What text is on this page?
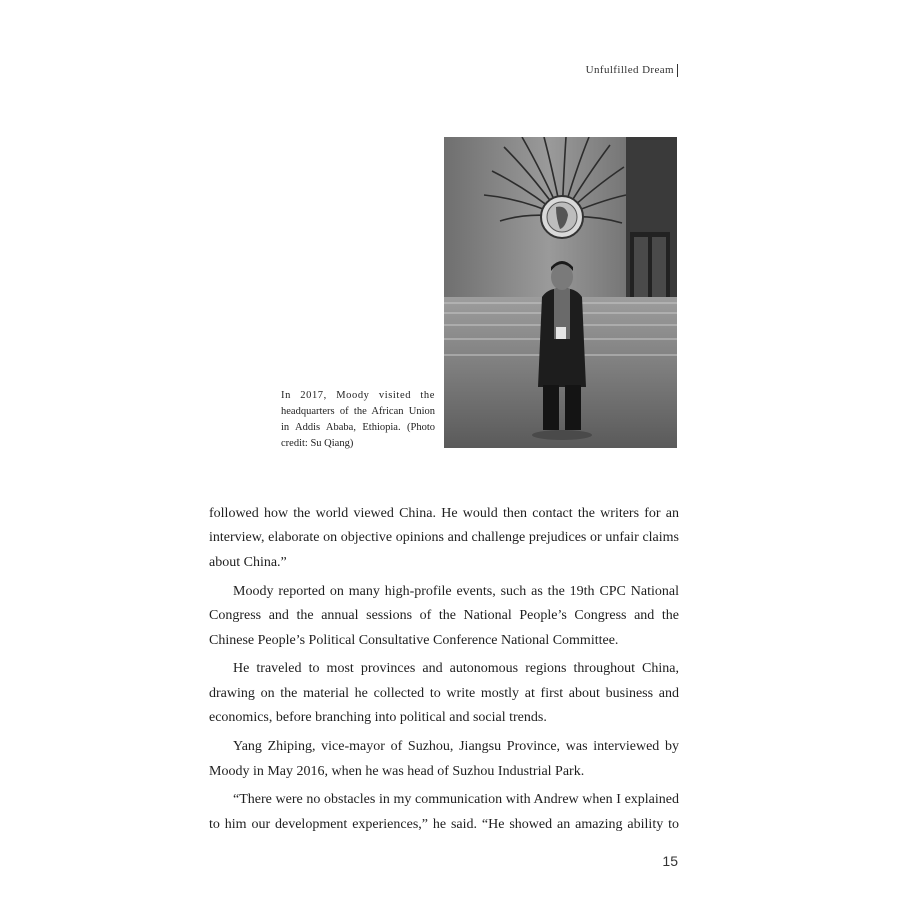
Unfulfilled Dream
In 2017, Moody visited the
headquarters of the African Union
in Addis Ababa, Ethiopia. (Photo
credit: Su Qiang)
followed how the world viewed China. He would then contact the writers for an
interview, elaborate on objective opinions and challenge prejudices or unfair claims
about China.”
Moody reported on many high-profile events, such as the 19th CPC National
Congress and the annual sessions of the National People’s Congress and the
Chinese People’s Political Consultative Conference National Committee.
He traveled to most provinces and autonomous regions throughout China,
drawing on the material he collected to write mostly at first about business and
economics, before branching into political and social trends.
Yang Zhiping, vice-mayor of Suzhou, Jiangsu Province, was interviewed by
Moody in May 2016, when he was head of Suzhou Industrial Park.
“There were no obstacles in my communication with Andrew when I explained
to him our development experiences,” he said. “He showed an amazing ability to
15
